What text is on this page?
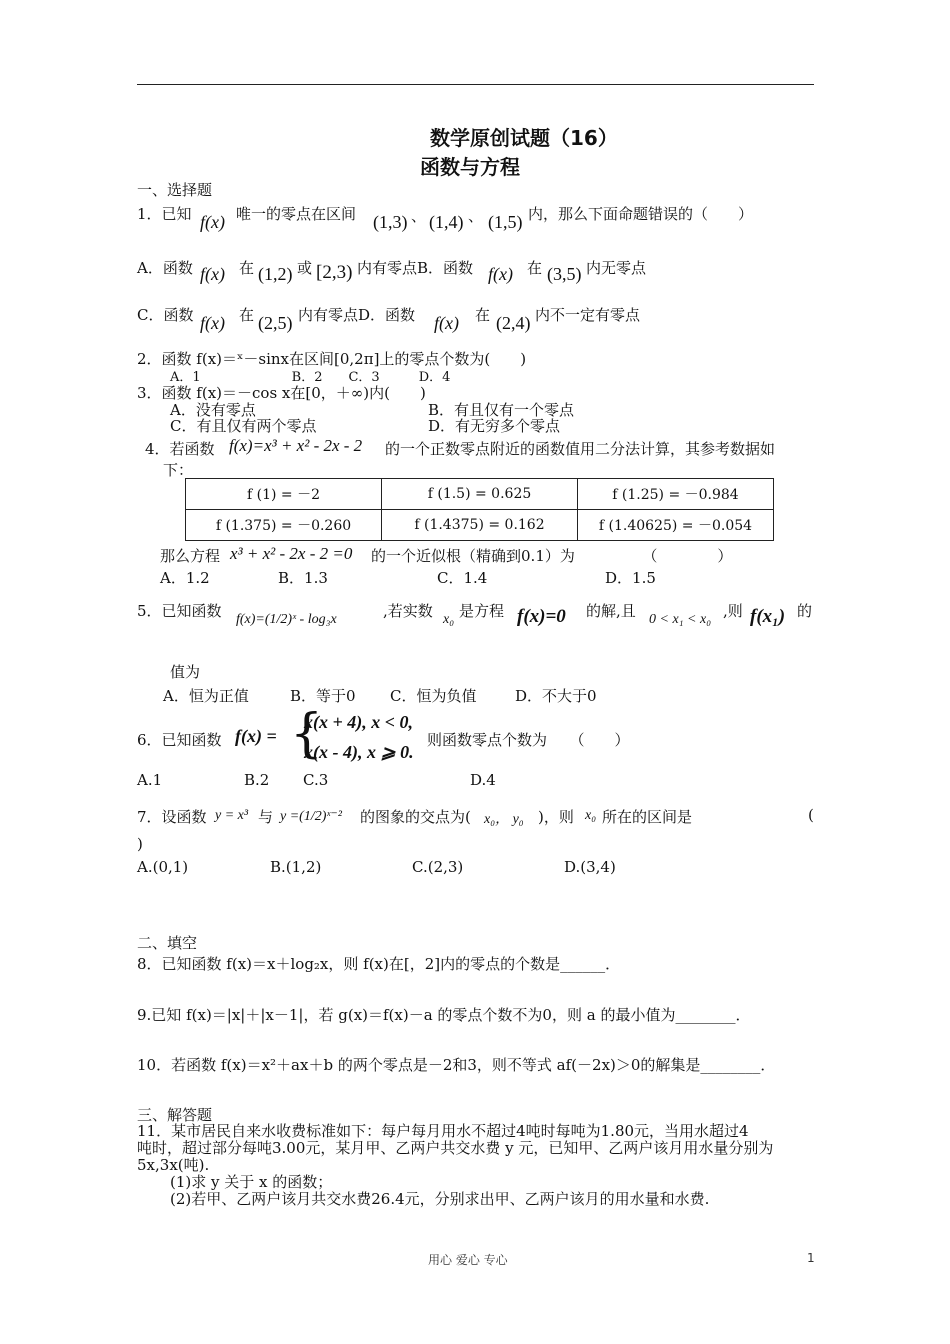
数学原创试题（16）
函数与方程
一、选择题
1．已知 f(x) 唯一的零点在区间 (1,3) 、 (1,4) 、 (1,5) 内，那么下面命题错误的（　　）
A．函数 f(x) 在 (1,2) 或 [2,3) 内有零点B．函数 f(x) 在 (3,5) 内无零点
C．函数 f(x) 在 (2,5) 内有零点D．函数 f(x) 在 (2,4) 内不一定有零点
2．函数 f(x)＝ˣ－sinx在区间[0,2π]上的零点个数为(　　)
A．1　　　　　　　B．2　　C．3　　　D．4
3．函数 f(x)＝－cos x在[0，＋∞)内(　　)
A．没有零点	B．有且仅有一个零点
C．有且仅有两个零点	D．有无穷多个零点
4．若函数 f(x)=x³ + x² - 2x - 2 的一个正数零点附近的函数值用二分法计算，其参考数据如
下：
f (1) = －2	f (1.5) = 0.625	f (1.25) = －0.984
f (1.375) = －0.260	f (1.4375) = 0.162	f (1.40625) = －0.054
那么方程 x³ + x² - 2x - 2 =0 的一个近似根（精确到0.1）为　　　　　（　　　　）
A．1.2	B．1.3	C．1.4	D．1.5
5．已知函数 f(x)=(1/2)ˣ - log₃x	,若实数 x₀ 是方程 f(x)=0 的解,且 0 < x₁ < x₀ ,则 f(x₁) 的
值为
A．恒为正值	B．等于0 C．恒为负值	D．不大于0
6．已知函数 f(x) = {
x(x + 4), x < 0,
x(x - 4), x ⩾ 0.
则函数零点个数为　　（　　）
A.1	B.2 C.3	D.4
7．设函数 y = x³ 与 y =(1/2)ˣ⁻² 的图象的交点为( x₀， y₀ )，则 x₀ 所在的区间是	(
)
A.(0,1)	B.(1,2)	C.(2,3)	D.(3,4)
二、填空
8．已知函数 f(x)＝x＋log₂x，则 f(x)在[，2]内的零点的个数是______．
9.已知 f(x)＝|x|＋|x－1|，若 g(x)＝f(x)－a 的零点个数不为0，则 a 的最小值为________．
10．若函数 f(x)＝x²＋ax＋b 的两个零点是－2和3，则不等式 af(－2x)＞0的解集是________．
三、解答题
11．某市居民自来水收费标准如下：每户每月用水不超过4吨时每吨为1.80元，当用水超过4
吨时，超过部分每吨3.00元，某月甲、乙两户共交水费 y 元，已知甲、乙两户该月用水量分别为
5x,3x(吨).
(1)求 y 关于 x 的函数；
(2)若甲、乙两户该月共交水费26.4元，分别求出甲、乙两户该月的用水量和水费.
用心 爱心 专心	1
